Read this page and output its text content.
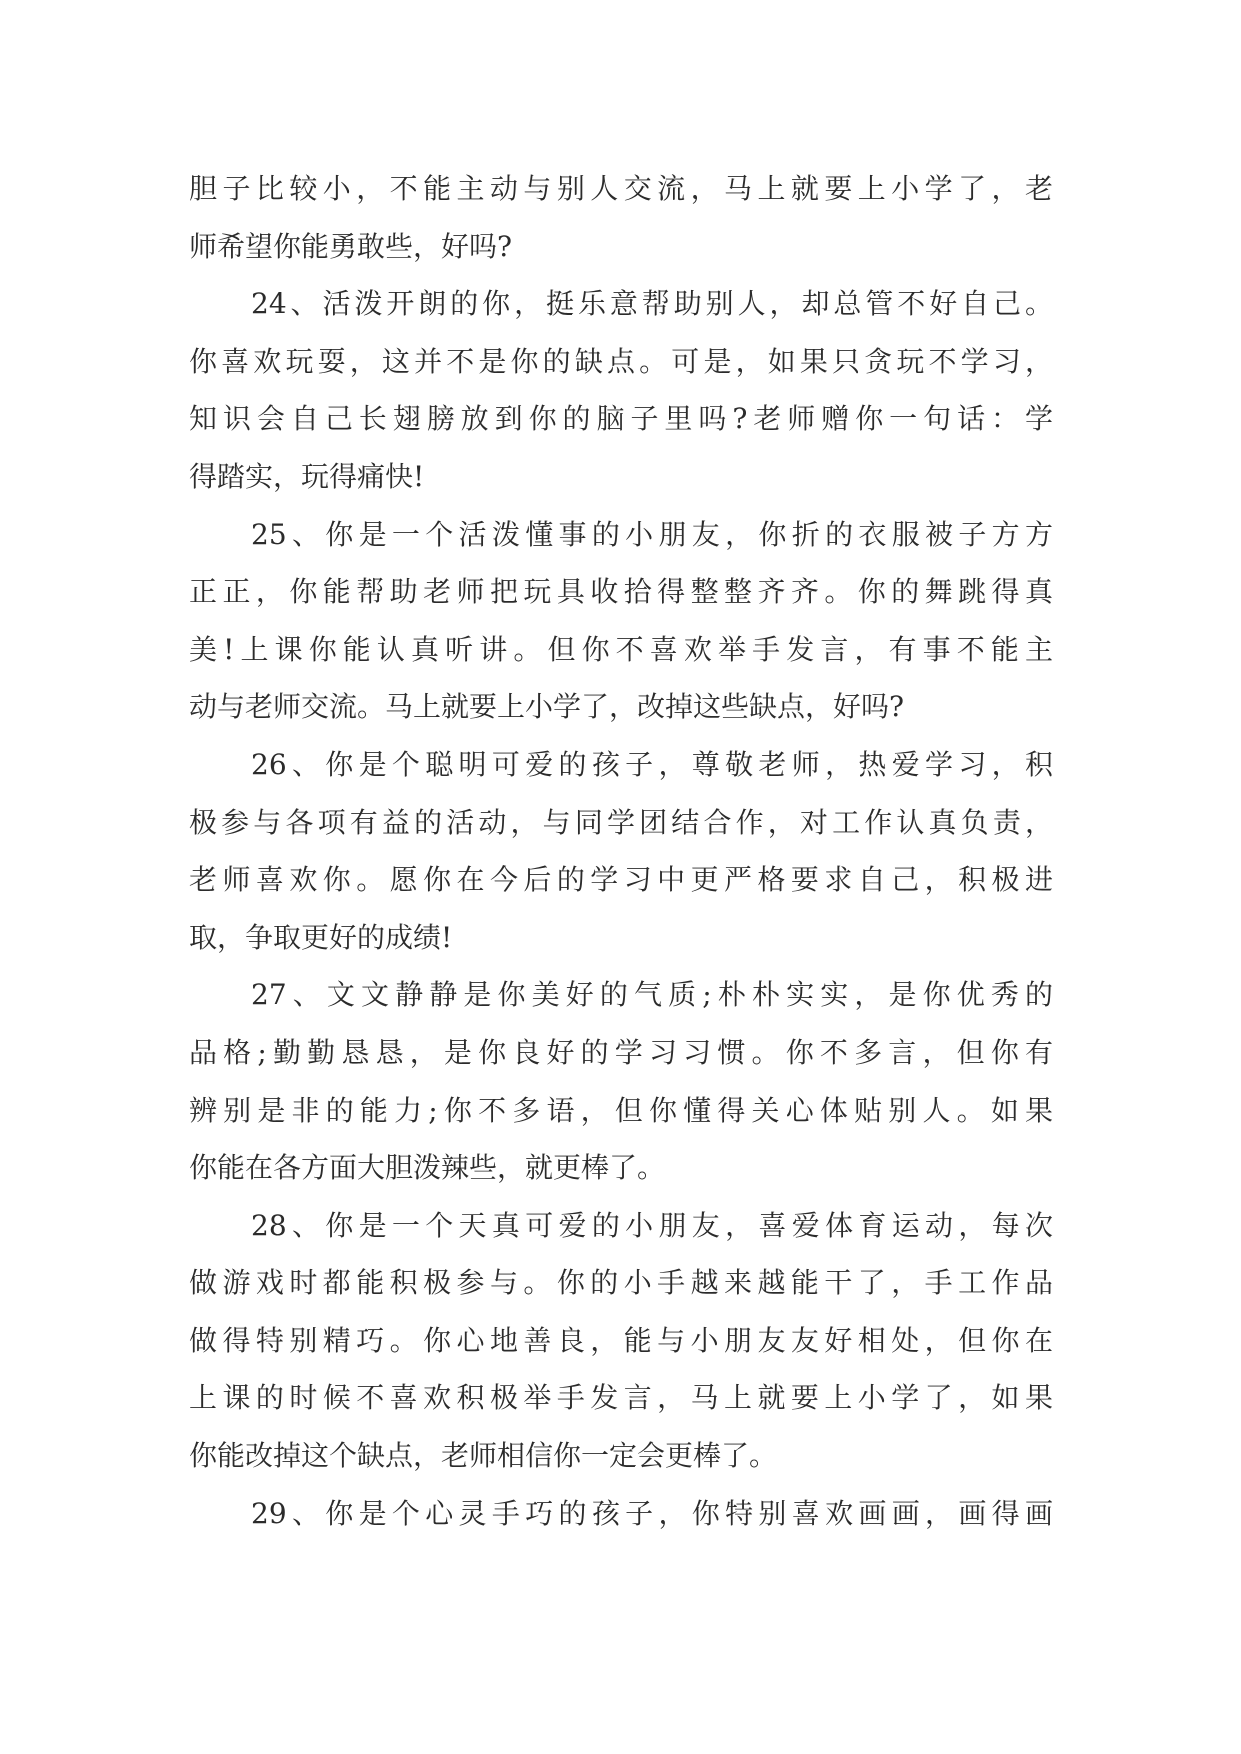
胆子比较小，不能主动与别人交流，马上就要上小学了，老
师希望你能勇敢些，好吗?
24、活泼开朗的你，挺乐意帮助别人，却总管不好自己。
你喜欢玩耍，这并不是你的缺点。可是，如果只贪玩不学习，
知识会自己长翅膀放到你的脑子里吗?老师赠你一句话：学
得踏实，玩得痛快!
25、你是一个活泼懂事的小朋友，你折的衣服被子方方
正正，你能帮助老师把玩具收拾得整整齐齐。你的舞跳得真
美!上课你能认真听讲。但你不喜欢举手发言，有事不能主
动与老师交流。马上就要上小学了，改掉这些缺点，好吗?
26、你是个聪明可爱的孩子，尊敬老师，热爱学习，积
极参与各项有益的活动，与同学团结合作，对工作认真负责，
老师喜欢你。愿你在今后的学习中更严格要求自己，积极进
取，争取更好的成绩!
27、文文静静是你美好的气质;朴朴实实，是你优秀的
品格;勤勤恳恳，是你良好的学习习惯。你不多言，但你有
辨别是非的能力;你不多语，但你懂得关心体贴别人。如果
你能在各方面大胆泼辣些，就更棒了。
28、你是一个天真可爱的小朋友，喜爱体育运动，每次
做游戏时都能积极参与。你的小手越来越能干了，手工作品
做得特别精巧。你心地善良，能与小朋友友好相处，但你在
上课的时候不喜欢积极举手发言，马上就要上小学了，如果
你能改掉这个缺点，老师相信你一定会更棒了。
29、你是个心灵手巧的孩子，你特别喜欢画画，画得画
